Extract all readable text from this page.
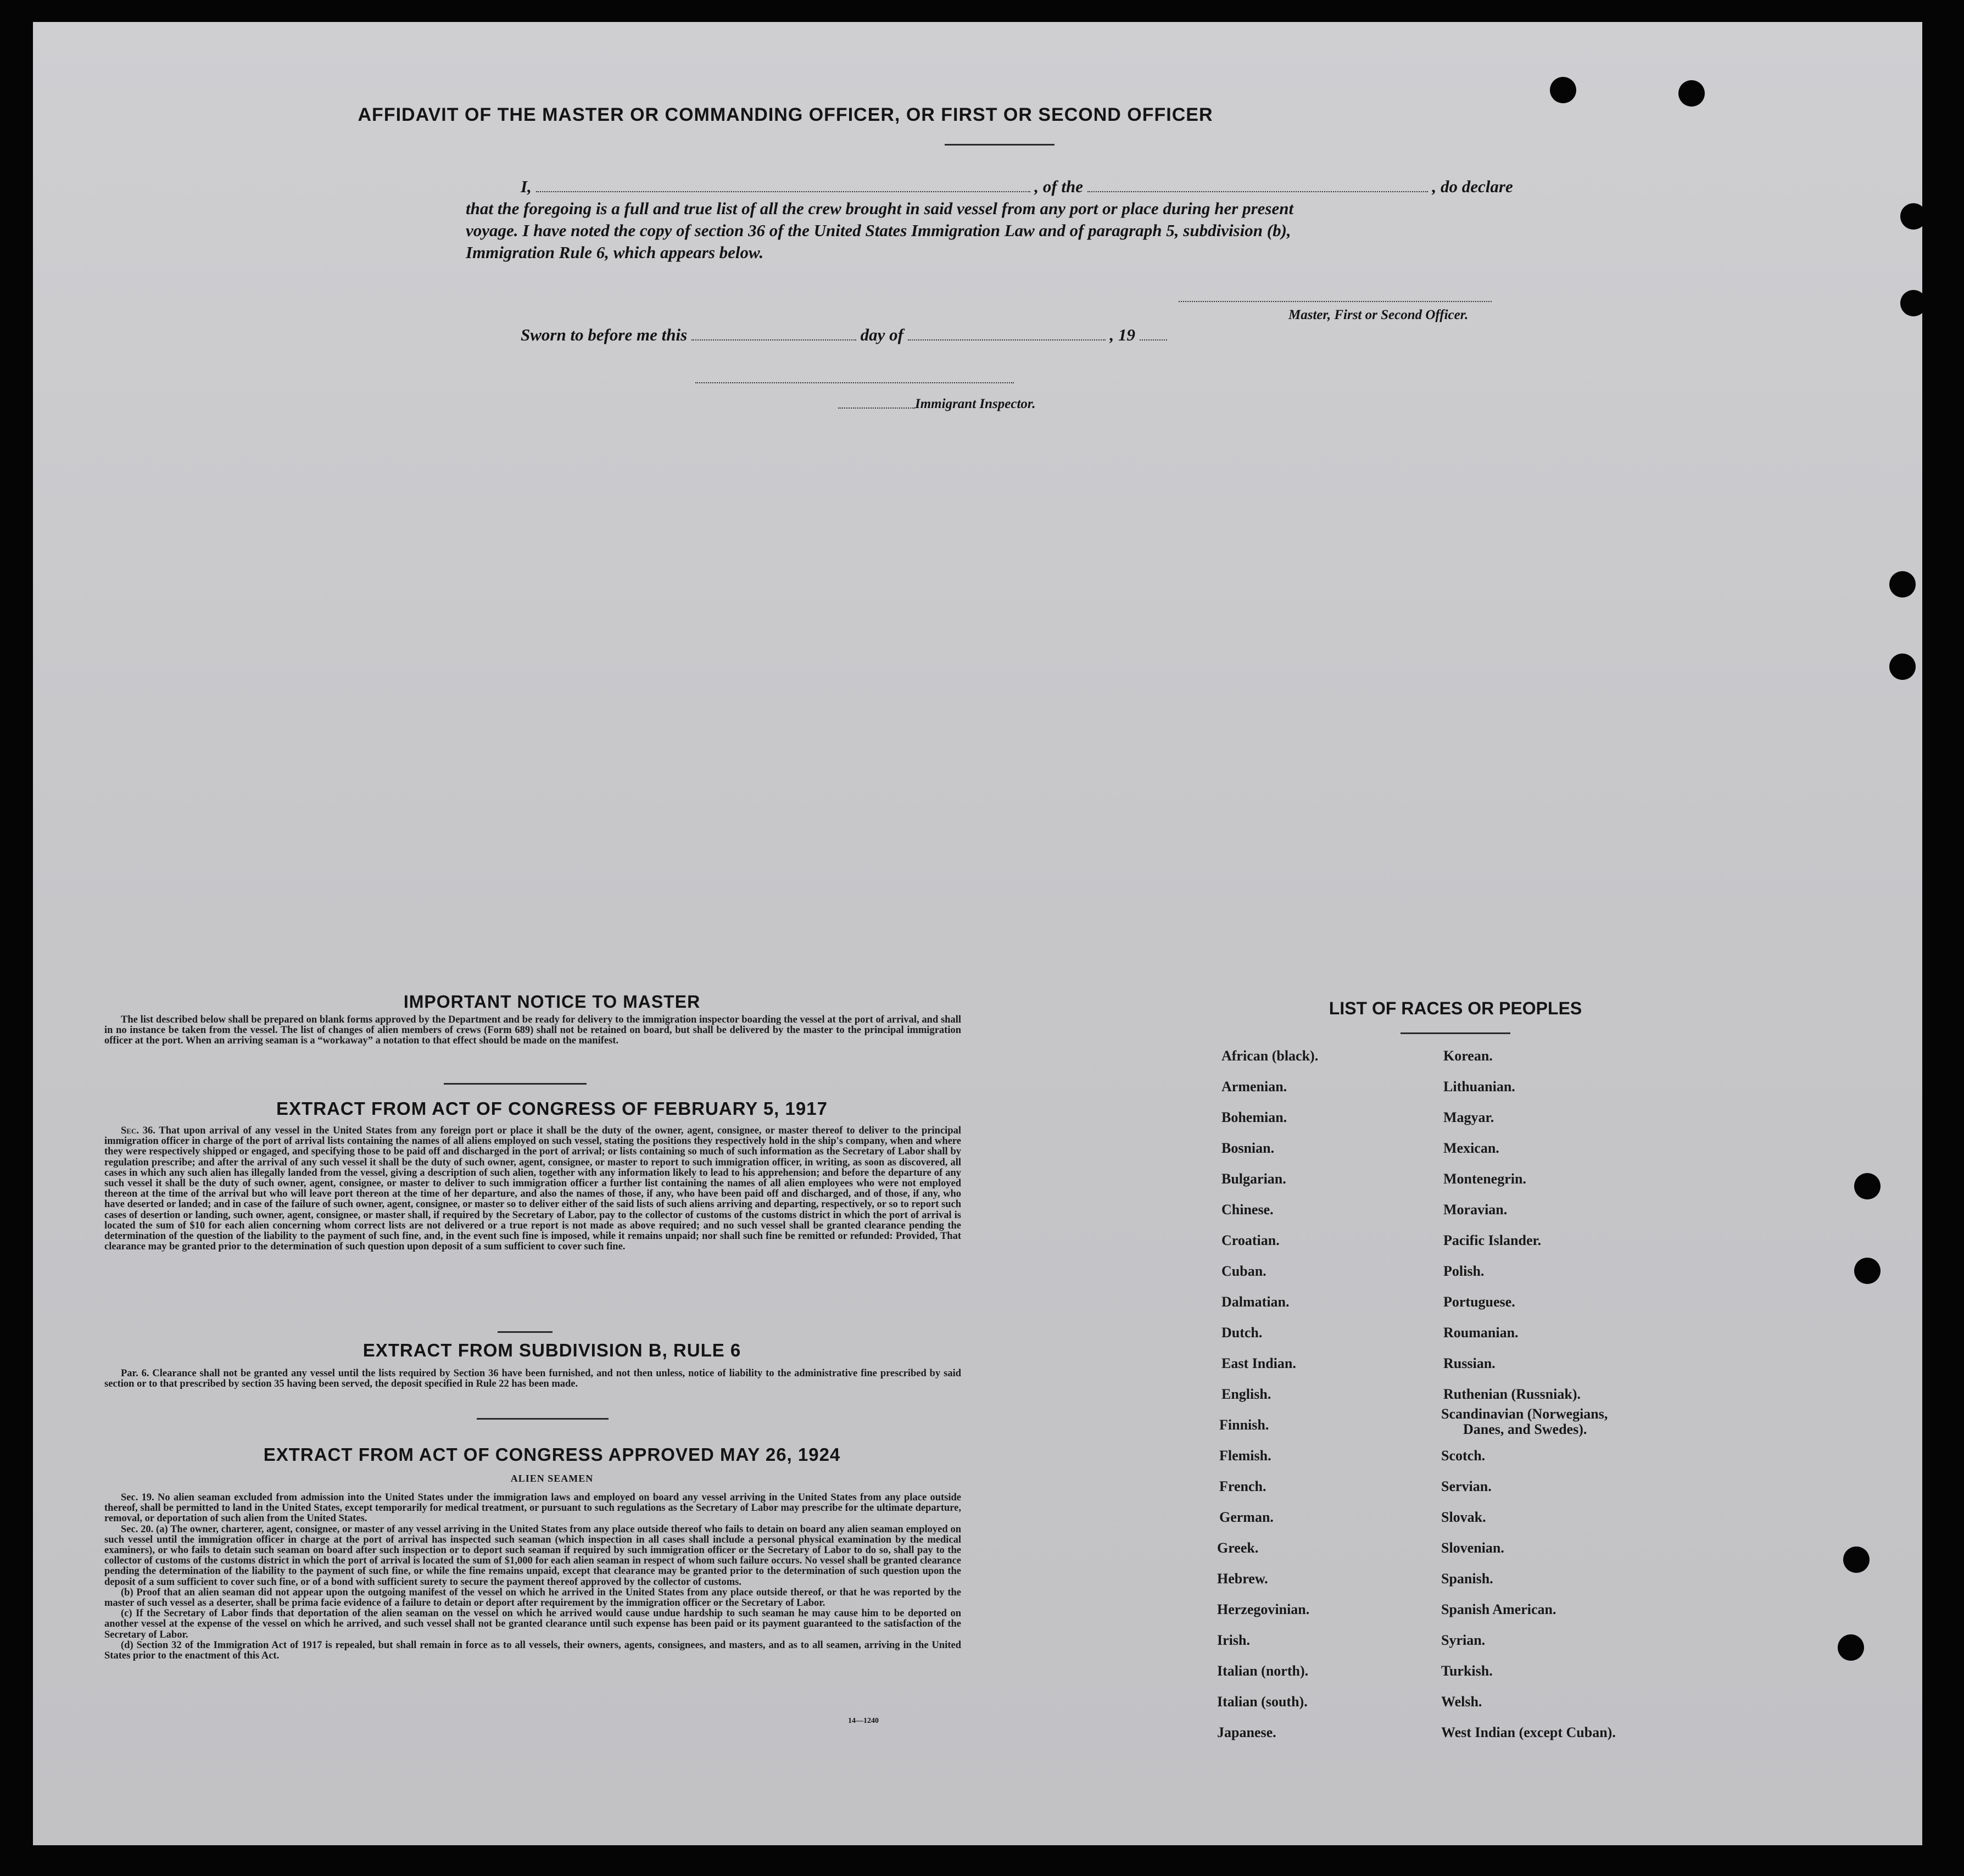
AFFIDAVIT OF THE MASTER OR COMMANDING OFFICER, OR FIRST OR SECOND OFFICER
I,	, of the	, do declare
that the foregoing is a full and true list of all the crew brought in said vessel from any port or place during her present
voyage. I have noted the copy of section 36 of the United States Immigration Law and of paragraph 5, subdivision (b),
Immigration Rule 6, which appears below.
Master, First or Second Officer.
Sworn to before me this	day of	, 19
Immigrant Inspector.
IMPORTANT NOTICE TO MASTER

The list described below shall be prepared on blank forms approved by the Department and be ready for delivery to the immigration inspector boarding the vessel at the port of arrival, and shall in no instance be taken from the vessel. The list of changes of alien members of crews (Form 689) shall not be retained on board, but shall be delivered by the master to the principal immigration officer at the port. When an arriving seaman is a “workaway” a notation to that effect should be made on the manifest.

EXTRACT FROM ACT OF CONGRESS OF FEBRUARY 5, 1917

Sec. 36. That upon arrival of any vessel in the United States from any foreign port or place it shall be the duty of the owner, agent, consignee, or master thereof to deliver to the principal immigration officer in charge of the port of arrival lists containing the names of all aliens employed on such vessel, stating the positions they respectively hold in the ship's company, when and where they were respectively shipped or engaged, and specifying those to be paid off and discharged in the port of arrival; or lists containing so much of such information as the Secretary of Labor shall by regulation prescribe; and after the arrival of any such vessel it shall be the duty of such owner, agent, consignee, or master to report to such immigration officer, in writing, as soon as discovered, all cases in which any such alien has illegally landed from the vessel, giving a description of such alien, together with any information likely to lead to his apprehension; and before the departure of any such vessel it shall be the duty of such owner, agent, consignee, or master to deliver to such immigration officer a further list containing the names of all alien employees who were not employed thereon at the time of the arrival but who will leave port thereon at the time of her departure, and also the names of those, if any, who have been paid off and discharged, and of those, if any, who have deserted or landed; and in case of the failure of such owner, agent, consignee, or master so to deliver either of the said lists of such aliens arriving and departing, respectively, or so to report such cases of desertion or landing, such owner, agent, consignee, or master shall, if required by the Secretary of Labor, pay to the collector of customs of the customs district in which the port of arrival is located the sum of $10 for each alien concerning whom correct lists are not delivered or a true report is not made as above required; and no such vessel shall be granted clearance pending the determination of the question of the liability to the payment of such fine, and, in the event such fine is imposed, while it remains unpaid; nor shall such fine be remitted or refunded: Provided, That clearance may be granted prior to the determination of such question upon deposit of a sum sufficient to cover such fine.

EXTRACT FROM SUBDIVISION B, RULE 6

Par. 6. Clearance shall not be granted any vessel until the lists required by Section 36 have been furnished, and not then unless, notice of liability to the administrative fine prescribed by said section or to that prescribed by section 35 having been served, the deposit specified in Rule 22 has been made.

EXTRACT FROM ACT OF CONGRESS APPROVED MAY 26, 1924
ALIEN SEAMEN

Sec. 19. No alien seaman excluded from admission into the United States under the immigration laws and employed on board any vessel arriving in the United States from any place outside thereof, shall be permitted to land in the United States, except temporarily for medical treatment, or pursuant to such regulations as the Secretary of Labor may prescribe for the ultimate departure, removal, or deportation of such alien from the United States.

Sec. 20. (a) The owner, charterer, agent, consignee, or master of any vessel arriving in the United States from any place outside thereof who fails to detain on board any alien seaman employed on such vessel until the immigration officer in charge at the port of arrival has inspected such seaman (which inspection in all cases shall include a personal physical examination by the medical examiners), or who fails to detain such seaman on board after such inspection or to deport such seaman if required by such immigration officer or the Secretary of Labor to do so, shall pay to the collector of customs of the customs district in which the port of arrival is located the sum of $1,000 for each alien seaman in respect of whom such failure occurs. No vessel shall be granted clearance pending the determination of the liability to the payment of such fine, or while the fine remains unpaid, except that clearance may be granted prior to the determination of such question upon the deposit of a sum sufficient to cover such fine, or of a bond with sufficient surety to secure the payment thereof approved by the collector of customs.

(b) Proof that an alien seaman did not appear upon the outgoing manifest of the vessel on which he arrived in the United States from any place outside thereof, or that he was reported by the master of such vessel as a deserter, shall be prima facie evidence of a failure to detain or deport after requirement by the immigration officer or the Secretary of Labor.

(c) If the Secretary of Labor finds that deportation of the alien seaman on the vessel on which he arrived would cause undue hardship to such seaman he may cause him to be deported on another vessel at the expense of the vessel on which he arrived, and such vessel shall not be granted clearance until such expense has been paid or its payment guaranteed to the satisfaction of the Secretary of Labor.

(d) Section 32 of the Immigration Act of 1917 is repealed, but shall remain in force as to all vessels, their owners, agents, consignees, and masters, and as to all seamen, arriving in the United States prior to the enactment of this Act.

14—1240
LIST OF RACES OR PEOPLES
African (black).
Armenian.
Bohemian.
Bosnian.
Bulgarian.
Chinese.
Croatian.
Cuban.
Dalmatian.
Dutch.
East Indian.
English.
Finnish.
Flemish.
French.
German.
Greek.
Hebrew.
Herzegovinian.
Irish.
Italian (north).
Italian (south).
Japanese.
Korean.
Lithuanian.
Magyar.
Mexican.
Montenegrin.
Moravian.
Pacific Islander.
Polish.
Portuguese.
Roumanian.
Russian.
Ruthenian (Russniak).
Scandinavian (Norwegians,
Danes, and Swedes).
Scotch.
Servian.
Slovak.
Slovenian.
Spanish.
Spanish American.
Syrian.
Turkish.
Welsh.
West Indian (except Cuban).
